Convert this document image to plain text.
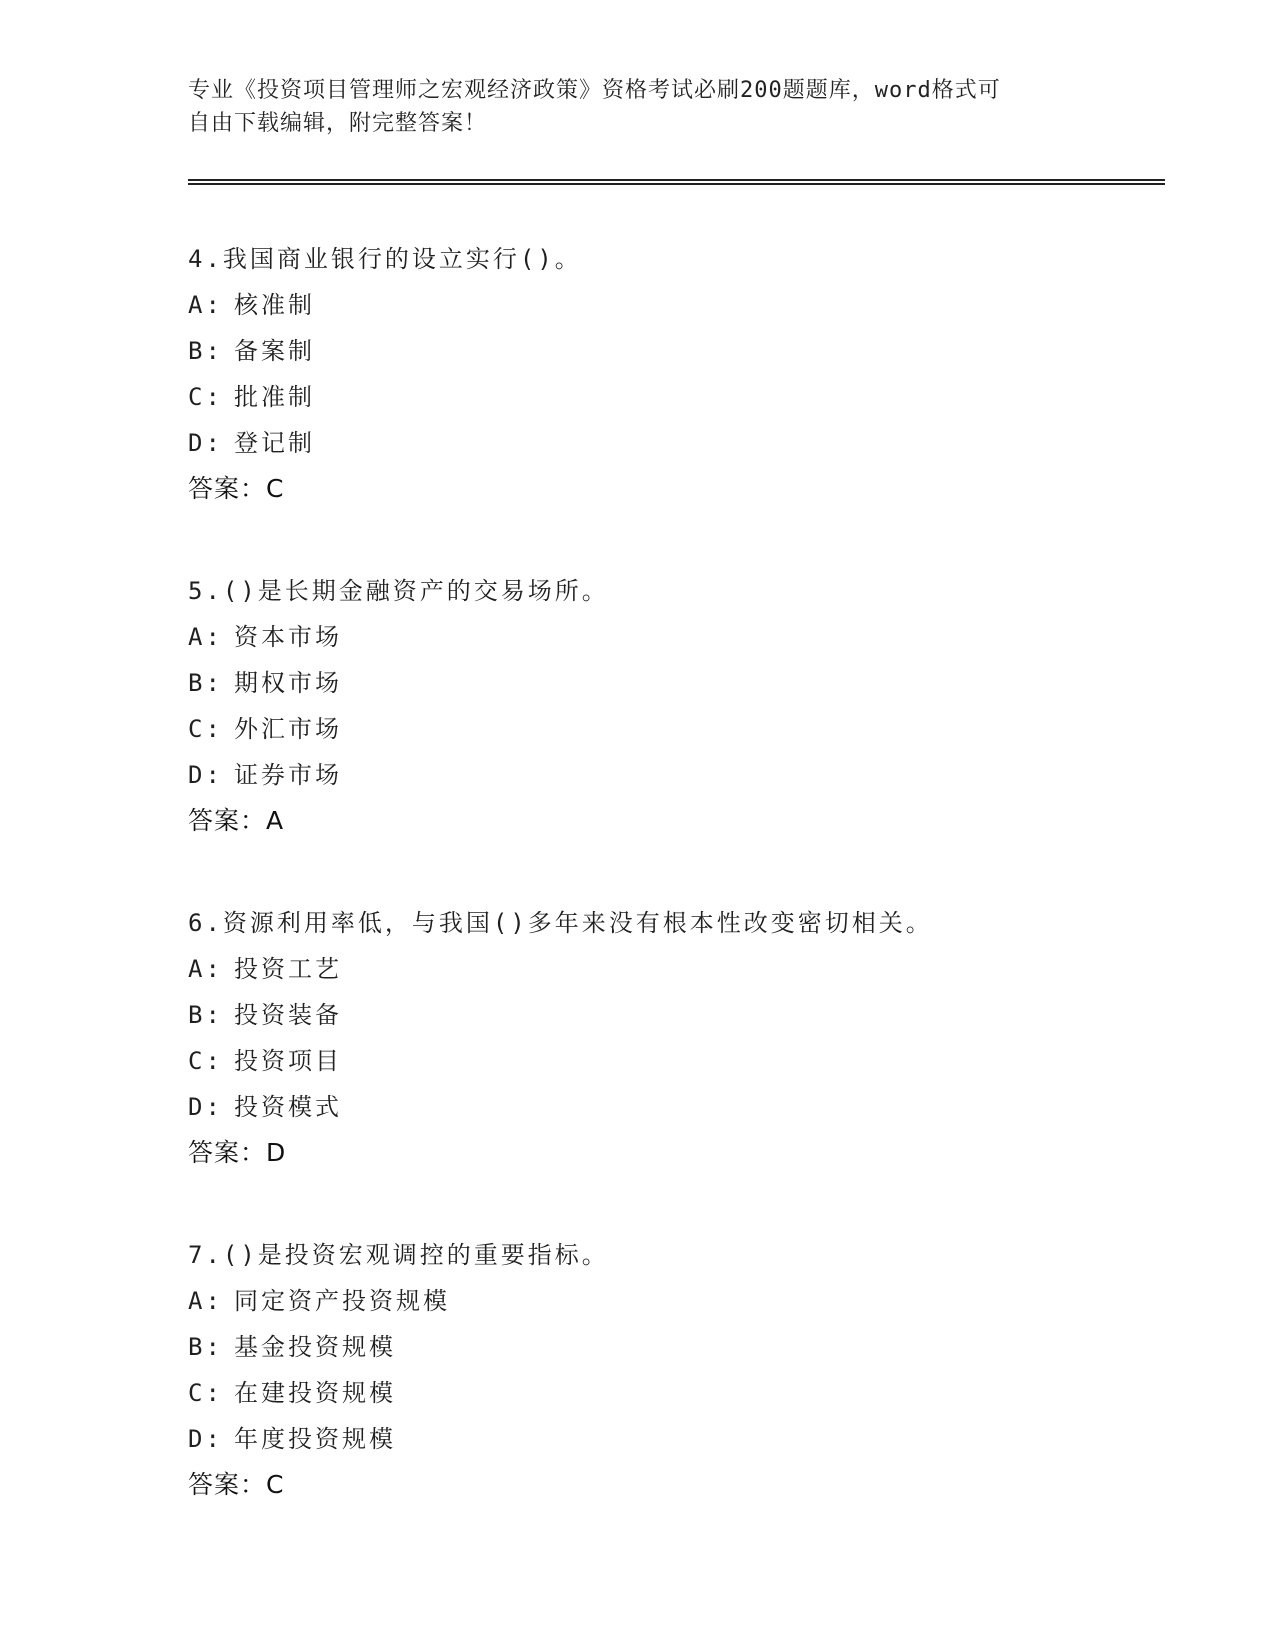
专业《投资项目管理师之宏观经济政策》资格考试必刷200题题库，word格式可
自由下载编辑，附完整答案！
4.我国商业银行的设立实行()。
A: 核准制
B: 备案制
C: 批准制
D: 登记制
答案：C
5.()是长期金融资产的交易场所。
A: 资本市场
B: 期权市场
C: 外汇市场
D: 证券市场
答案：A
6.资源利用率低，与我国()多年来没有根本性改变密切相关。
A: 投资工艺
B: 投资装备
C: 投资项目
D: 投资模式
答案：D
7.()是投资宏观调控的重要指标。
A: 同定资产投资规模
B: 基金投资规模
C: 在建投资规模
D: 年度投资规模
答案：C
